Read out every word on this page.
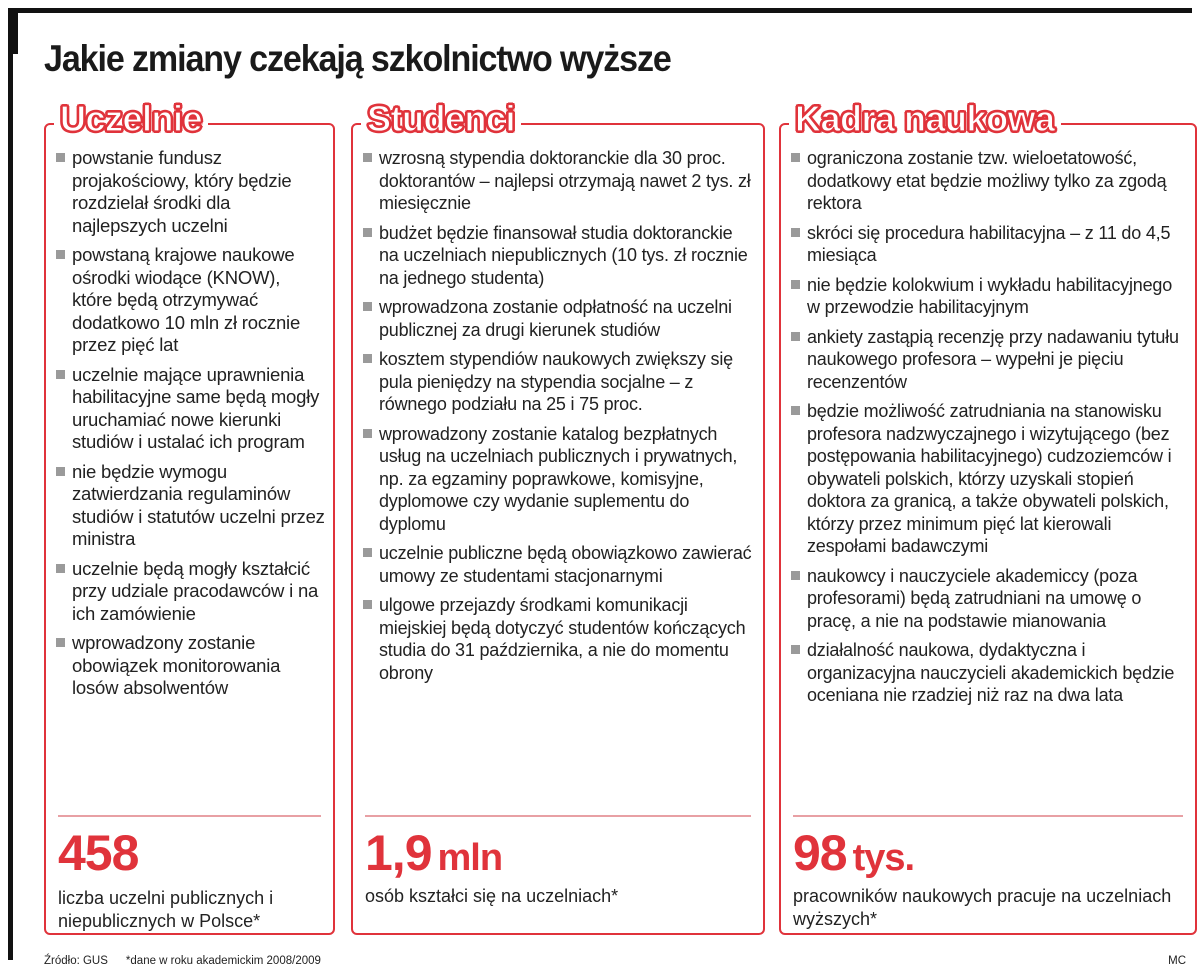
Jakie zmiany czekają szkolnictwo wyższe
Uczelnie
powstanie fundusz projakościowy, który będzie rozdzielał środki dla najlepszych uczelni
powstaną krajowe naukowe ośrodki wiodące (KNOW), które będą otrzymywać dodatkowo 10 mln zł rocznie przez pięć lat
uczelnie mające uprawnienia habilitacyjne same będą mogły uruchamiać nowe kierunki studiów i ustalać ich program
nie będzie wymogu zatwierdzania regulaminów studiów i statutów uczelni przez ministra
uczelnie będą mogły kształcić przy udziale pracodawców i na ich zamówienie
wprowadzony zostanie obowiązek monitorowania losów absolwentów

458

liczba uczelni publicznych i niepublicznych w Polsce*

Studenci
wzrosną stypendia doktoranckie dla 30 proc. doktorantów – najlepsi otrzymają nawet 2 tys. zł miesięcznie
budżet będzie finansował studia doktoranckie na uczelniach niepublicznych (10 tys. zł rocznie na jednego studenta)
wprowadzona zostanie odpłatność na uczelni publicznej za drugi kierunek studiów
kosztem stypendiów naukowych zwiększy się pula pieniędzy na stypendia socjalne – z równego podziału na 25 i 75 proc.
wprowadzony zostanie katalog bezpłatnych usług na uczelniach publicznych i prywatnych, np. za egzaminy poprawkowe, komisyjne, dyplomowe czy wydanie suplementu do dyplomu
uczelnie publiczne będą obowiązkowo zawierać umowy ze studentami stacjonarnymi
ulgowe przejazdy środkami komunikacji miejskiej będą dotyczyć studentów kończących studia do 31 października, a nie do momentu obrony

1,9 mln

osób kształci się na uczelniach*

Kadra naukowa
ograniczona zostanie tzw. wieloetatowość, dodatkowy etat będzie możliwy tylko za zgodą rektora
skróci się procedura habilitacyjna – z 11 do 4,5 miesiąca
nie będzie kolokwium i wykładu habilitacyjnego w przewodzie habilitacyjnym
ankiety zastąpią recenzję przy nadawaniu tytułu naukowego profesora – wypełni je pięciu recenzentów
będzie możliwość zatrudniania na stanowisku profesora nadzwyczajnego i wizytującego (bez postępowania habilitacyjnego) cudzoziemców i obywateli polskich, którzy uzyskali stopień doktora za granicą, a także obywateli polskich, którzy przez minimum pięć lat kierowali zespołami badawczymi
naukowcy i nauczyciele akademiccy (poza profesorami) będą zatrudniani na umowę o pracę, a nie na podstawie mianowania
działalność naukowa, dydaktyczna i organizacyjna nauczycieli akademickich będzie oceniana nie rzadziej niż raz na dwa lata

98 tys.

pracowników naukowych pracuje na uczelniach wyższych*

Źródło: GUS *dane w roku akademickim 2008/2009	MC
